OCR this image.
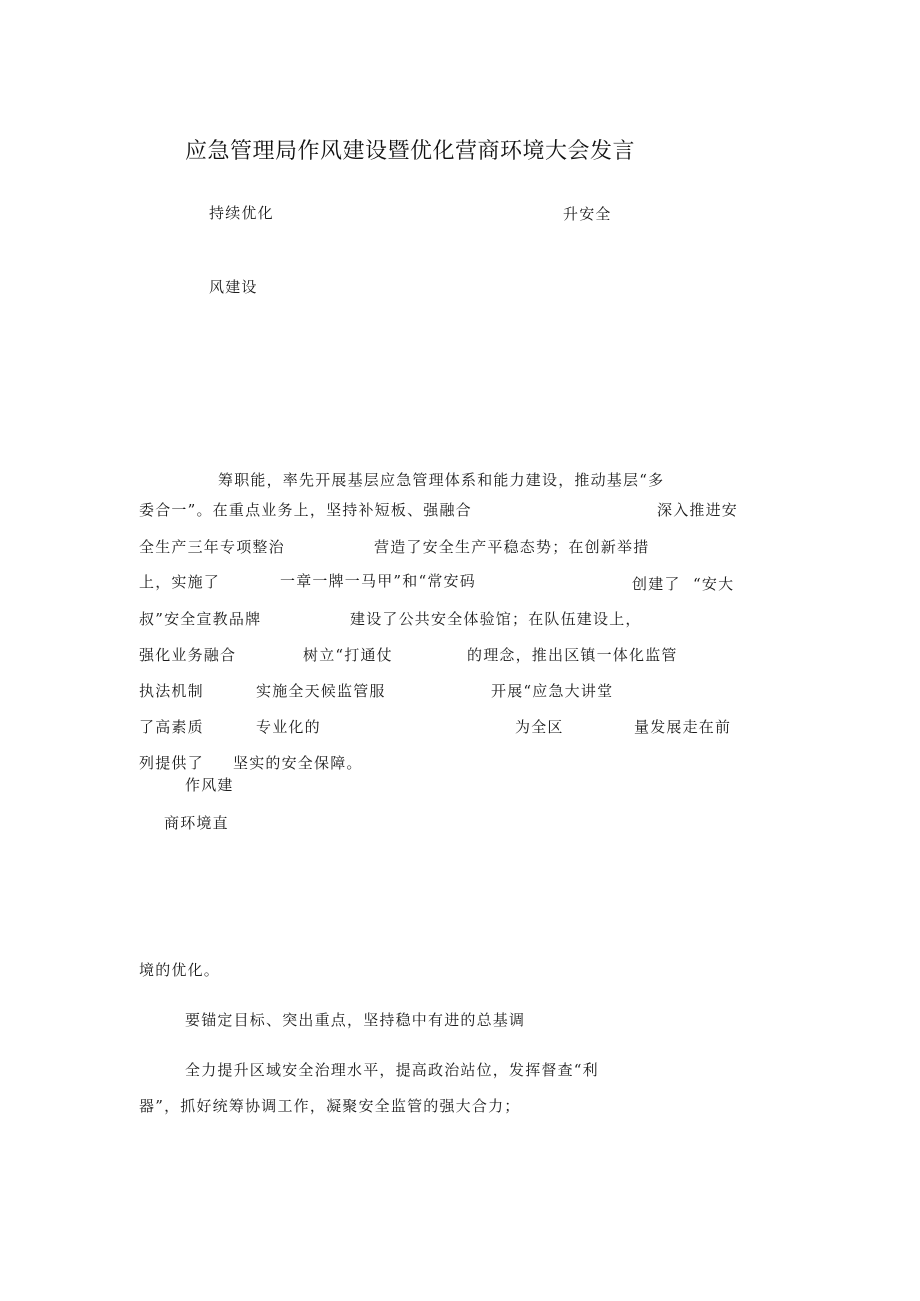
应急管理局作风建设暨优化营商环境大会发言
持续优化	升安全
风建设
筹职能，率先开展基层应急管理体系和能力建设，推动基层“多
委合一”。在重点业务上，坚持补短板、强融合	深入推进安
全生产三年专项整治	营造了安全生产平稳态势；在创新举措
上，实施了	一章一牌一马甲”和“常安码	创建了 “安大
叔”安全宣教品牌	建设了公共安全体验馆；在队伍建设上，
强化业务融合	树立“打通仗	的理念，推出区镇一体化监管
执法机制	实施全天候监管服	开展“应急大讲堂
了高素质	专业化的	为全区	量发展走在前
列提供了 坚实的安全保障。
作风建
商环境直
境的优化。
要锚定目标、突出重点，坚持稳中有进的总基调
全力提升区域安全治理水平，提高政治站位，发挥督查“利
器”，抓好统筹协调工作，凝聚安全监管的强大合力；
